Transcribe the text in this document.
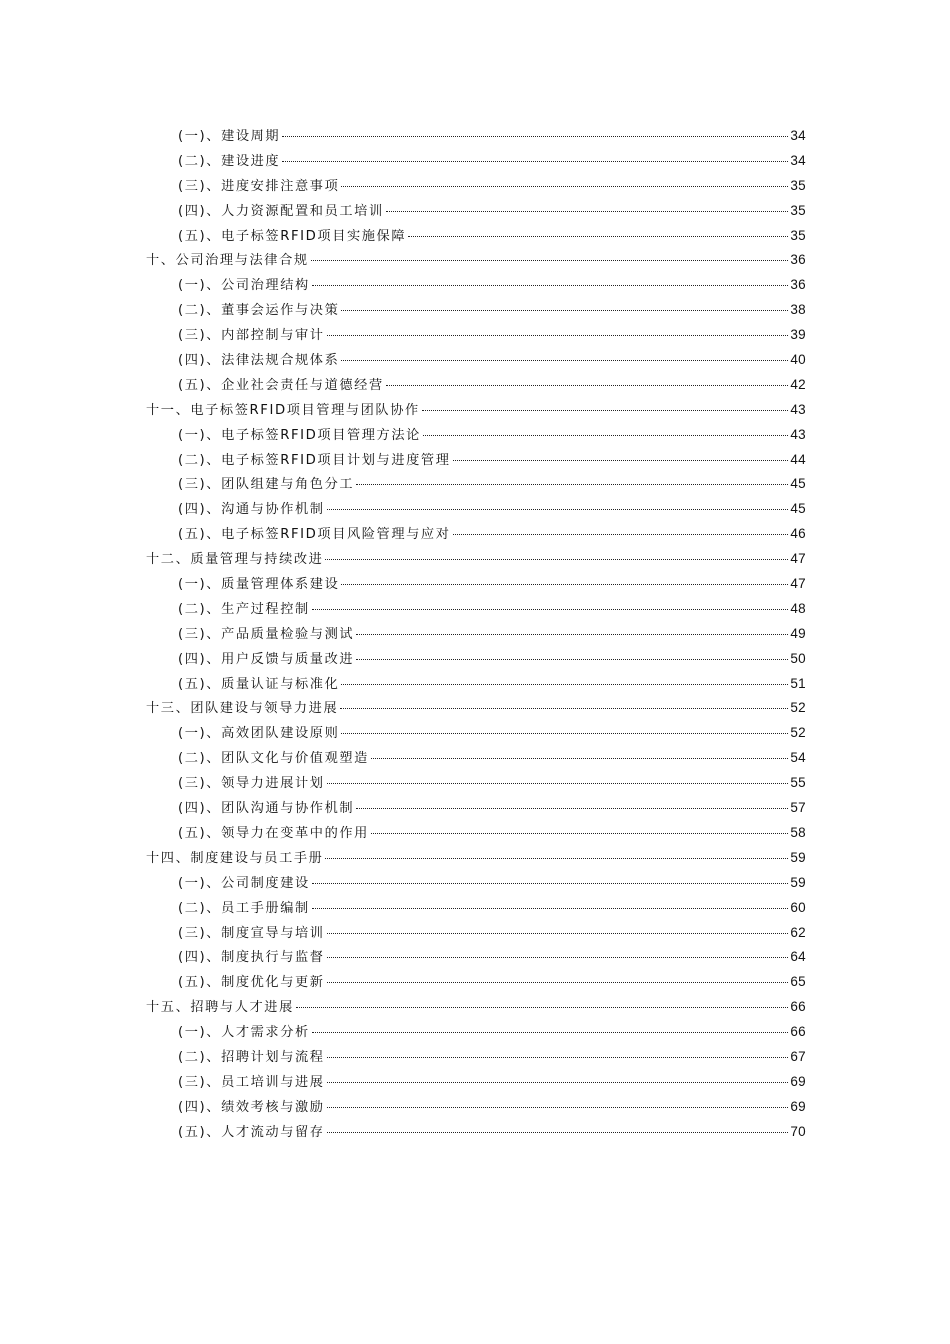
(一)、建设周期	34
(二)、建设进度	34
(三)、进度安排注意事项	35
(四)、人力资源配置和员工培训	35
(五)、电子标签RFID项目实施保障	35
十、公司治理与法律合规	36
(一)、公司治理结构	36
(二)、董事会运作与决策	38
(三)、内部控制与审计	39
(四)、法律法规合规体系	40
(五)、企业社会责任与道德经营	42
十一、电子标签RFID项目管理与团队协作	43
(一)、电子标签RFID项目管理方法论	43
(二)、电子标签RFID项目计划与进度管理	44
(三)、团队组建与角色分工	45
(四)、沟通与协作机制	45
(五)、电子标签RFID项目风险管理与应对	46
十二、质量管理与持续改进	47
(一)、质量管理体系建设	47
(二)、生产过程控制	48
(三)、产品质量检验与测试	49
(四)、用户反馈与质量改进	50
(五)、质量认证与标准化	51
十三、团队建设与领导力进展	52
(一)、高效团队建设原则	52
(二)、团队文化与价值观塑造	54
(三)、领导力进展计划	55
(四)、团队沟通与协作机制	57
(五)、领导力在变革中的作用	58
十四、制度建设与员工手册	59
(一)、公司制度建设	59
(二)、员工手册编制	60
(三)、制度宣导与培训	62
(四)、制度执行与监督	64
(五)、制度优化与更新	65
十五、招聘与人才进展	66
(一)、人才需求分析	66
(二)、招聘计划与流程	67
(三)、员工培训与进展	69
(四)、绩效考核与激励	69
(五)、人才流动与留存	70
